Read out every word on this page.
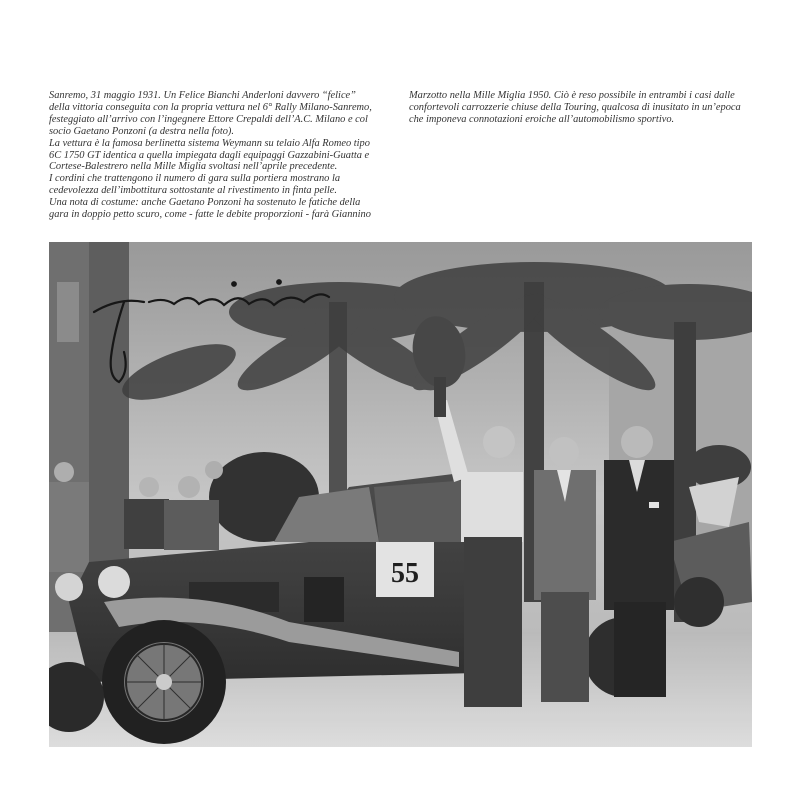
Sanremo, 31 maggio 1931. Un Felice Bianchi Anderloni davvero “felice”

della vittoria conseguita con la propria vettura nel 6° Rally Milano-Sanremo,

festeggiato all’arrivo con l’ingegnere Ettore Crepaldi dell’A.C. Milano e col

socio Gaetano Ponzoni (a destra nella foto).

La vettura è la famosa berlinetta sistema Weymann su telaio Alfa Romeo tipo

6C 1750 GT identica a quella impiegata dagli equipaggi Gazzabini-Guatta e

Cortese-Balestrero nella Mille Miglia svoltasi nell’aprile precedente.

I cordini che trattengono il numero di gara sulla portiera mostrano la

cedevolezza dell’imbottitura sottostante al rivestimento in finta pelle.

Una nota di costume: anche Gaetano Ponzoni ha sostenuto le fatiche della

gara in doppio petto scuro, come - fatte le debite proporzioni - farà Giannino

Marzotto nella Mille Miglia 1950. Ciò è reso possibile in entrambi i casi dalle

confortevoli carrozzerie chiuse della Touring, qualcosa di inusitato in un’epoca

che imponeva connotazioni eroiche all’automobilismo sportivo.

55
